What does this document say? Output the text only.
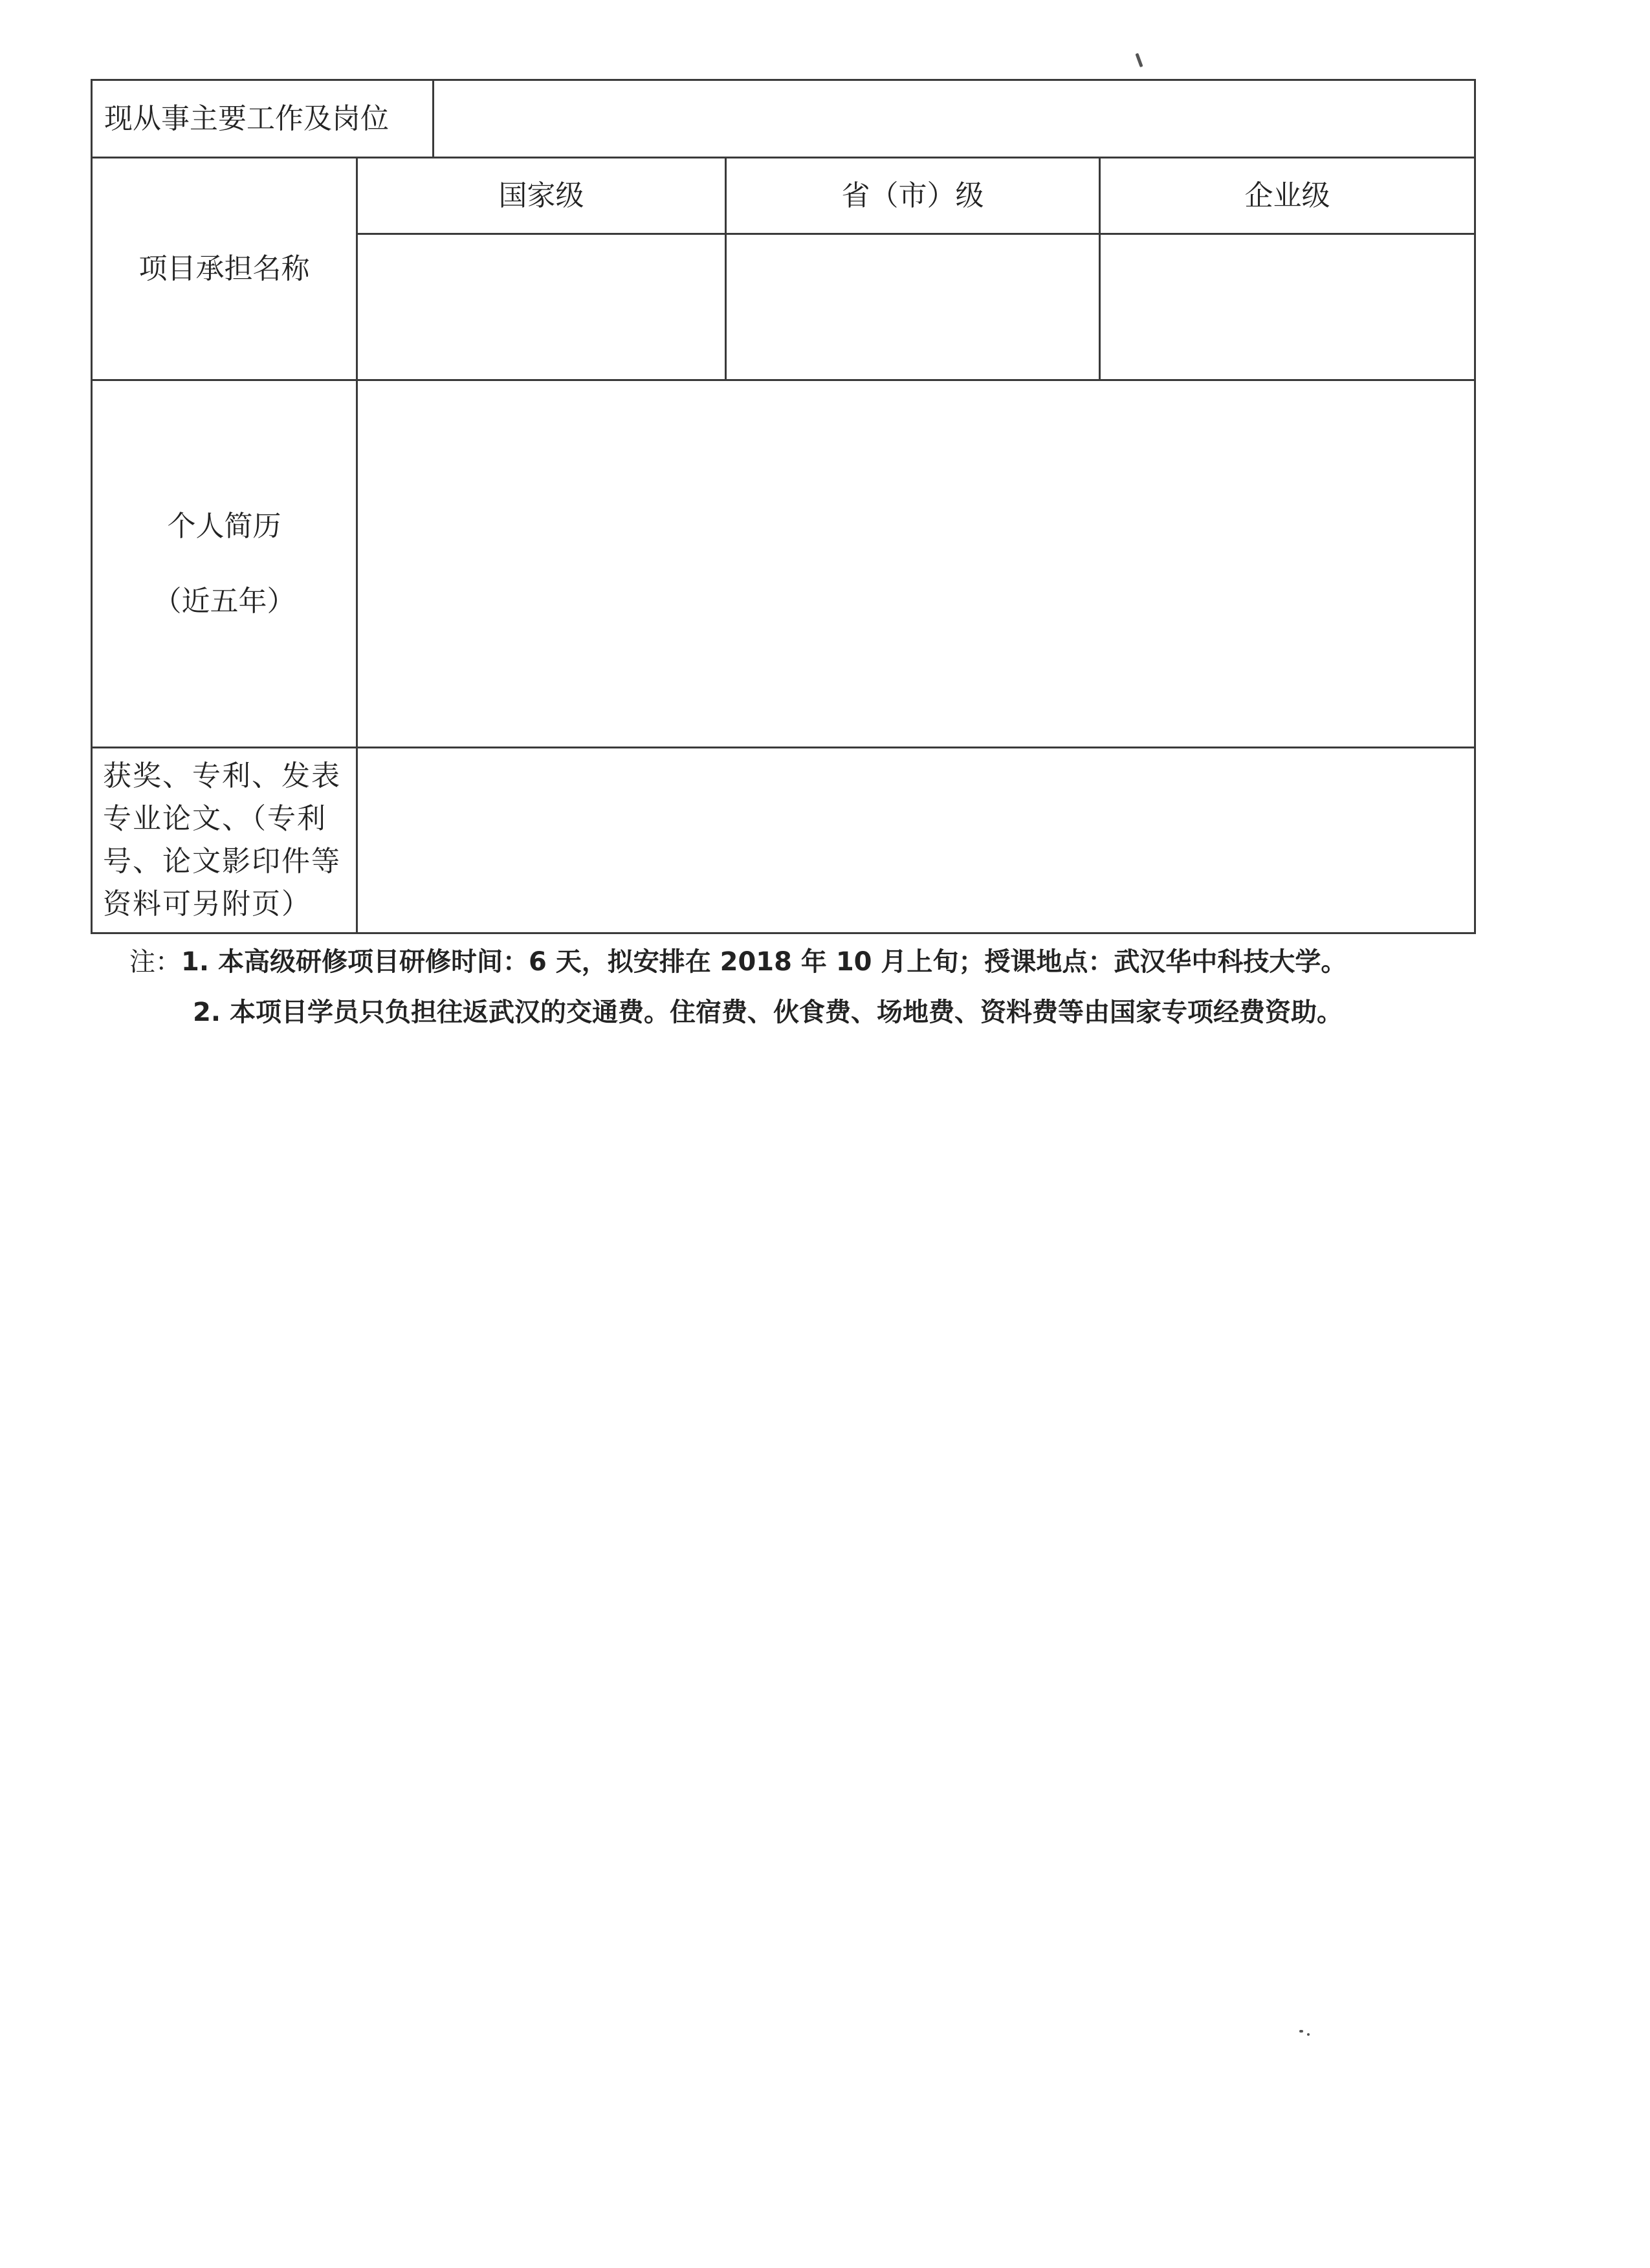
现从事主要工作及岗位				
项目承担名称	国家级		省（市）级	企业级

个人简历
（近五年）				

获奖、专利、发表
专业论文、（专利
号、论文影印件等
资料可另附页）				

注：1. 本高级研修项目研修时间：6 天，拟安排在 2018 年 10 月上旬；授课地点：武汉华中科技大学。
2. 本项目学员只负担往返武汉的交通费。住宿费、伙食费、场地费、资料费等由国家专项经费资助。
